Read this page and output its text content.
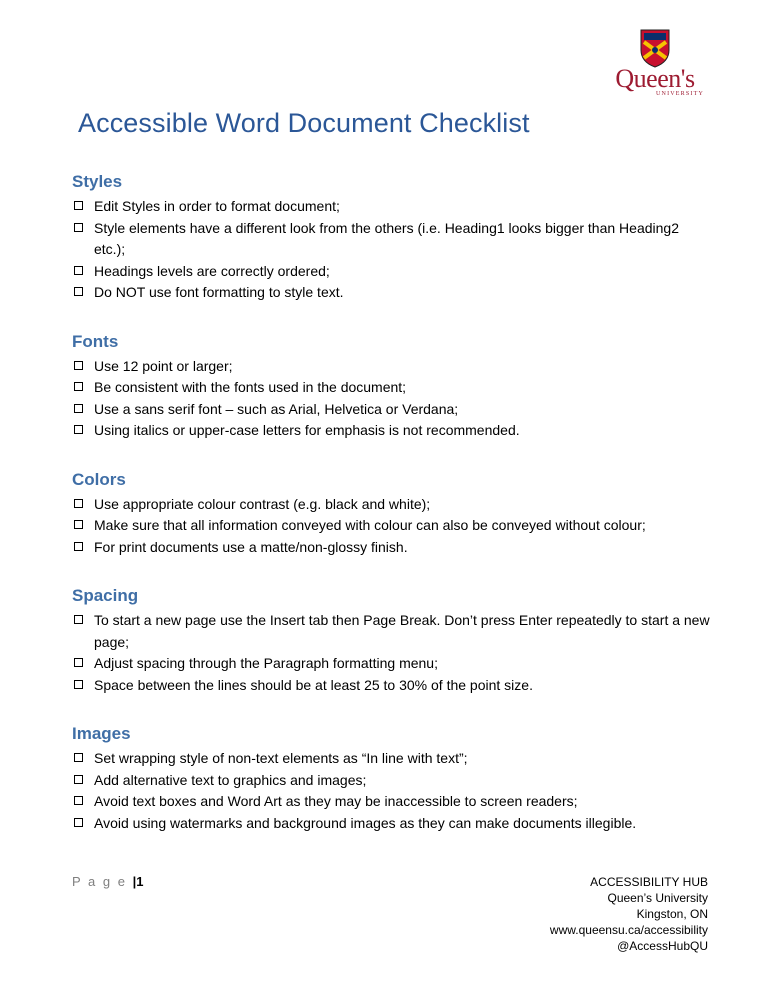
Queen's
UNIVERSITY
Accessible Word Document Checklist
Styles
Edit Styles in order to format document;
Style elements have a different look from the others (i.e. Heading1 looks bigger than Heading2 etc.);
Headings levels are correctly ordered;
Do NOT use font formatting to style text.
Fonts
Use 12 point or larger;
Be consistent with the fonts used in the document;
Use a sans serif font – such as Arial, Helvetica or Verdana;
Using italics or upper-case letters for emphasis is not recommended.
Colors
Use appropriate colour contrast (e.g. black and white);
Make sure that all information conveyed with colour can also be conveyed without colour;
For print documents use a matte/non-glossy finish.
Spacing
To start a new page use the Insert tab then Page Break. Don’t press Enter repeatedly to start a new page;
Adjust spacing through the Paragraph formatting menu;
Space between the lines should be at least 25 to 30% of the point size.
Images
Set wrapping style of non-text elements as “In line with text”;
Add alternative text to graphics and images;
Avoid text boxes and Word Art as they may be inaccessible to screen readers;
Avoid using watermarks and background images as they can make documents illegible.
P a g e |1	ACCESSIBILITY HUB
Queen’s University
Kingston, ON
www.queensu.ca/accessibility
@AccessHubQU
